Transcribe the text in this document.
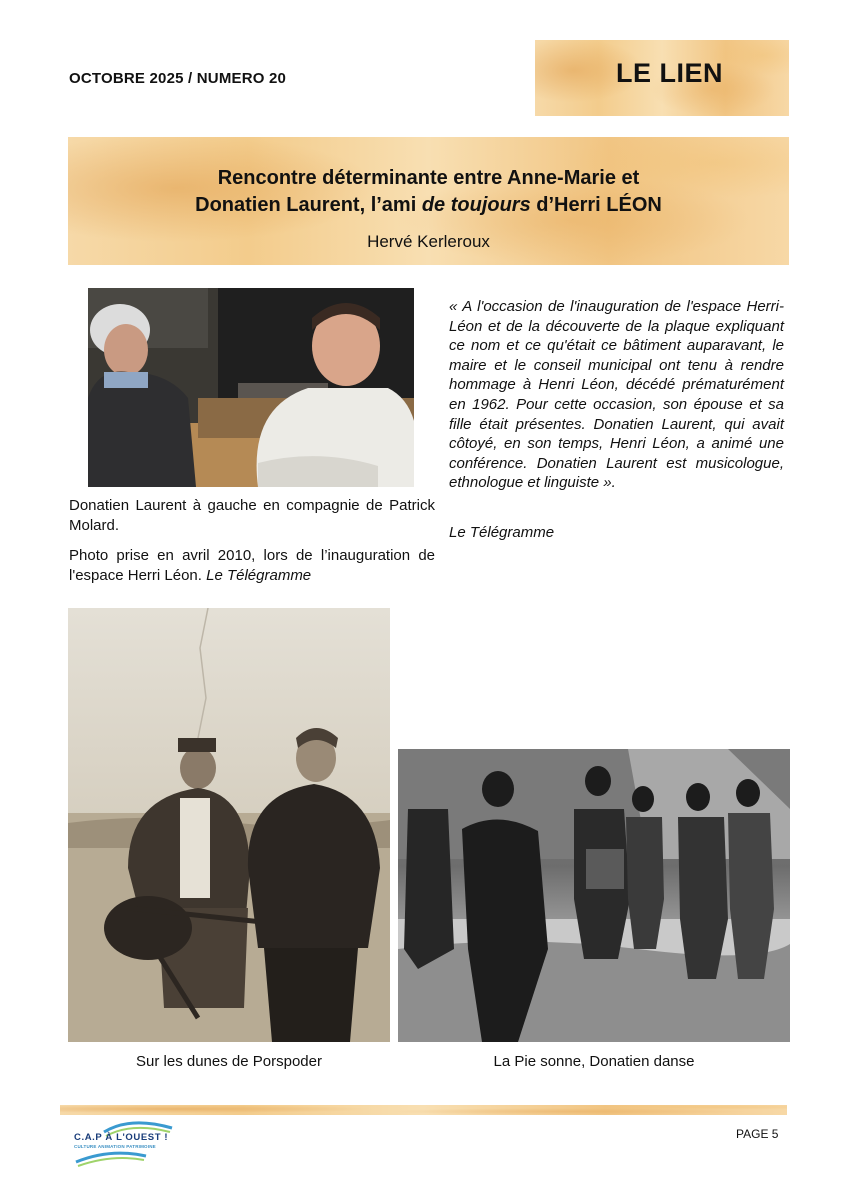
OCTOBRE 2025 / NUMERO 20	LE LIEN
Rencontre déterminante entre Anne-Marie et
Donatien Laurent, l’ami de toujours d’Herri LÉON
Hervé Kerleroux

Donatien Laurent à gauche en compagnie de Patrick Molard.

Photo prise en avril 2010, lors de l’inauguration de l'espace Herri Léon. Le Télégramme

« A l'occasion de l'inauguration de l'espace Herri-Léon et de la découverte de la plaque expliquant ce nom et ce qu'était ce bâtiment auparavant, le maire et le conseil municipal ont tenu à rendre hommage à Henri Léon, décédé prématurément en 1962. Pour cette occasion, son épouse et sa fille était présentes. Donatien Laurent, qui avait côtoyé, en son temps, Henri Léon, a animé une conférence. Donatien Laurent est musicologue, ethnologue et linguiste ».
Le Télégramme
Sur les dunes de Porspoder	La Pie sonne, Donatien danse
C.A.P À L'OUEST !
CULTURE ANIMATION PATRIMOINE
PAGE 5
